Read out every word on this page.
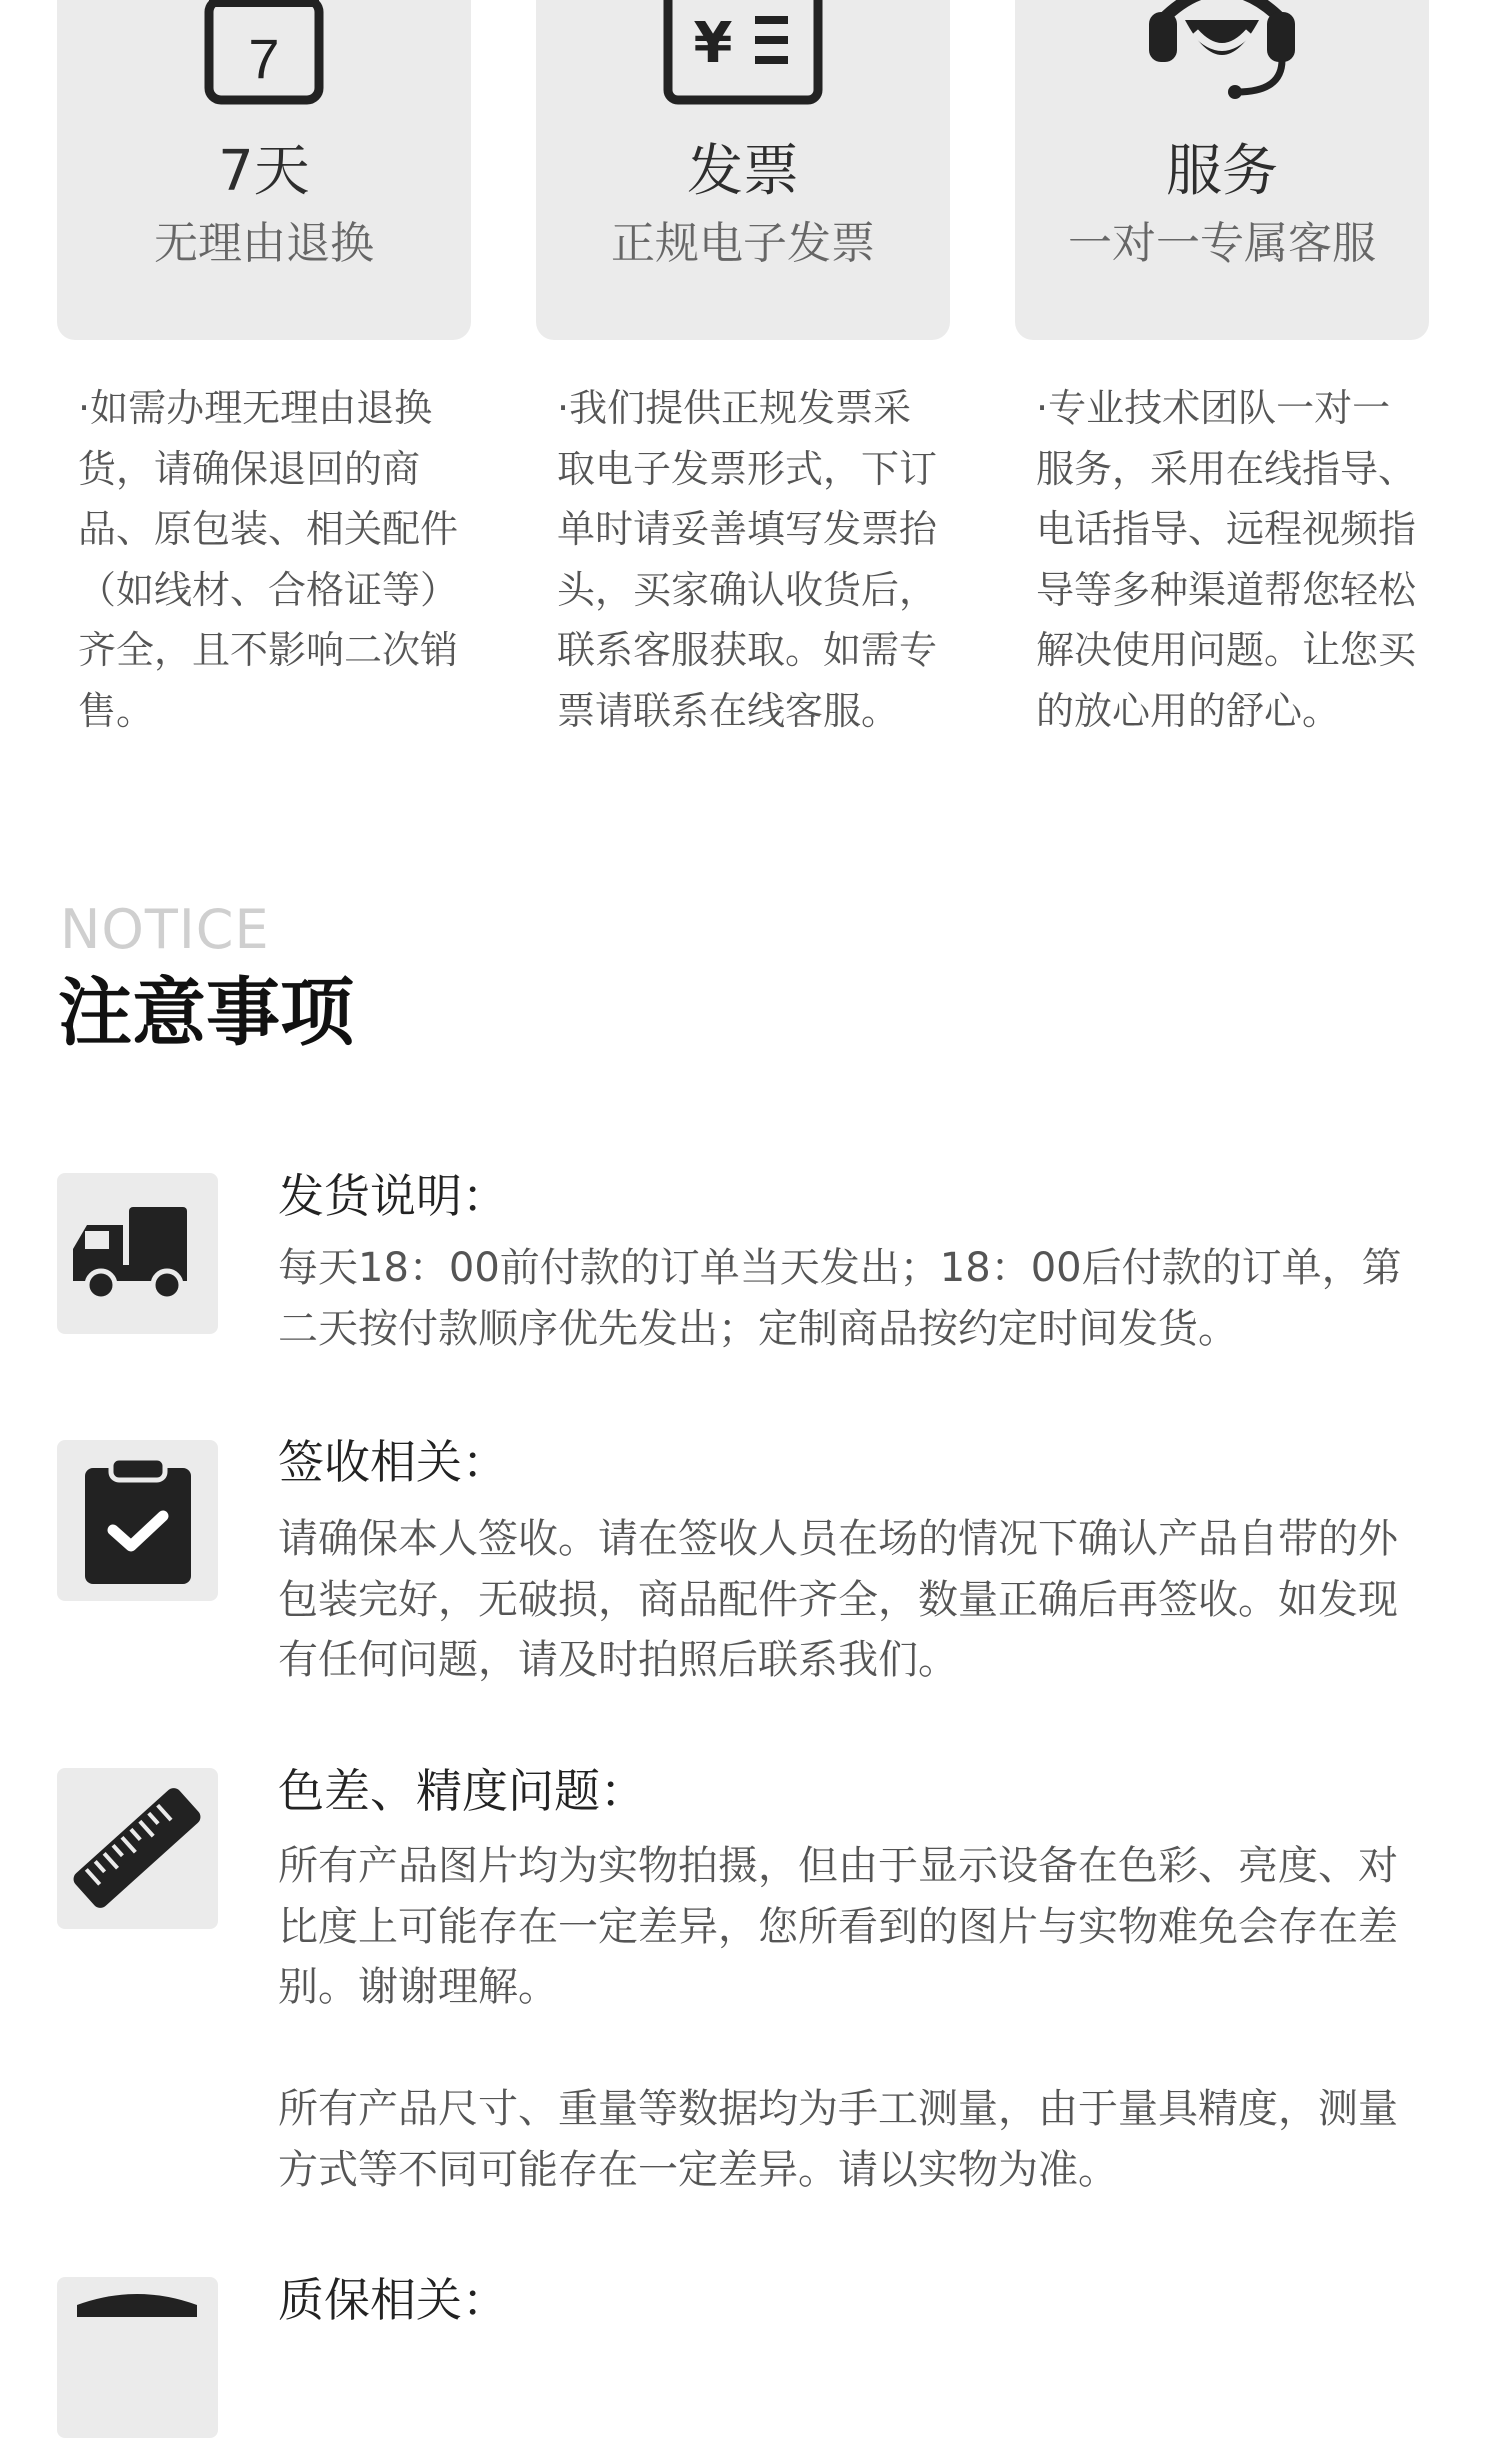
7
7天
无理由退换
¥
发票
正规电子发票
服务
一对一专属客服
·如需办理无理由退换货，请确保退回的商品、原包装、相关配件（如线材、合格证等）齐全，且不影响二次销售。
·我们提供正规发票采取电子发票形式，下订单时请妥善填写发票抬头，买家确认收货后，联系客服获取。如需专票请联系在线客服。
·专业技术团队一对一服务，采用在线指导、电话指导、远程视频指导等多种渠道帮您轻松解决使用问题。让您买的放心用的舒心。
NOTICE
注意事项
发货说明：
每天18：00前付款的订单当天发出；18：00后付款的订单，第二天按付款顺序优先发出；定制商品按约定时间发货。
签收相关：
请确保本人签收。请在签收人员在场的情况下确认产品自带的外包装完好，无破损，商品配件齐全，数量正确后再签收。如发现有任何问题，请及时拍照后联系我们。
色差、精度问题：
所有产品图片均为实物拍摄，但由于显示设备在色彩、亮度、对比度上可能存在一定差异，您所看到的图片与实物难免会存在差别。谢谢理解。
所有产品尺寸、重量等数据均为手工测量，由于量具精度，测量方式等不同可能存在一定差异。请以实物为准。
质保相关：
